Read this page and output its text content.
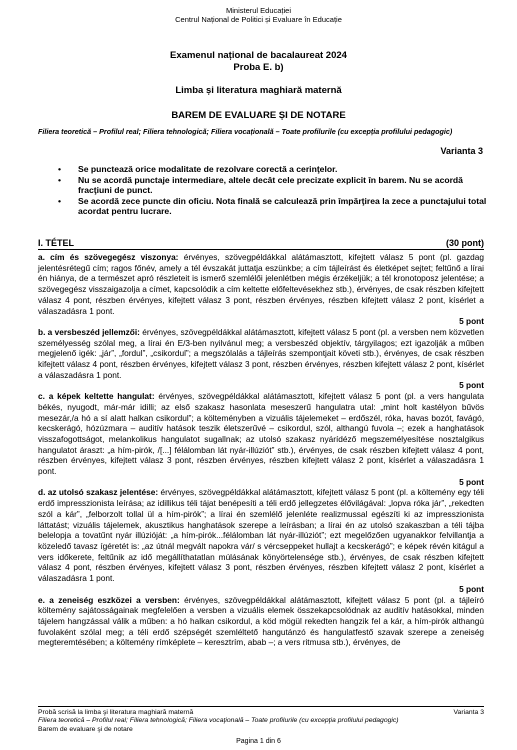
Ministerul Educației
Centrul Național de Politici și Evaluare în Educație
Examenul național de bacalaureat 2024
Proba E. b)
Limba și literatura maghiară maternă
BAREM DE EVALUARE ȘI DE NOTARE
Filiera teoretică – Profilul real; Filiera tehnologică; Filiera vocațională – Toate profilurile (cu excepția profilului pedagogic)
Varianta 3
• Se punctează orice modalitate de rezolvare corectă a cerinţelor.
• Nu se acordă punctaje intermediare, altele decât cele precizate explicit în barem. Nu se acordă fracţiuni de punct.
• Se acordă zece puncte din oficiu. Nota finală se calculează prin împărţirea la zece a punctajului total acordat pentru lucrare.
I. TÉTEL	(30 pont)

a. cím és szövegegész viszonya: érvényes, szövegpéldákkal alátámasztott, kifejtett válasz 5 pont (pl. gazdag jelentésrétegű cím; ragos főnév, amely a tél évszakát juttatja eszünkbe; a cím tájleírást és életképet sejtet; feltűnő a lírai én hiánya, de a természet apró részleteit is ismerő szemlélői jelenlétben mégis érzékeljük; a tél kronotoposz jelentése; a szövegegész visszaigazolja a címet, kapcsolódik a cím keltette előfeltevésekhez stb.), érvényes, de csak részben kifejtett válasz 4 pont, részben érvényes, kifejtett válasz 3 pont, részben érvényes, részben kifejtett válasz 2 pont, kísérlet a válaszadásra 1 pont.

5 pont

b. a versbeszéd jellemzői: érvényes, szövegpéldákkal alátámasztott, kifejtett válasz 5 pont (pl. a versben nem közvetlen személyesség szólal meg, a lírai én E/3-ben nyilvánul meg; a versbeszéd objektív, tárgyilagos; ezt igazolják a műben megjelenő igék: „jár”, „fordul”, „csikordul”; a megszólalás a tájleírás szempontjait követi stb.), érvényes, de csak részben kifejtett válasz 4 pont, részben érvényes, kifejtett válasz 3 pont, részben érvényes, részben kifejtett válasz 2 pont, kísérlet a válaszadásra 1 pont.

5 pont

c. a képek keltette hangulat: érvényes, szövegpéldákkal alátámasztott, kifejtett válasz 5 pont (pl. a vers hangulata békés, nyugodt, már-már idilli; az első szakasz hasonlata meseszerű hangulatra utal: „mint holt kastélyon bűvös mesezár,/a hó a sí alatt halkan csikordul”; a költeményben a vizuális tájelemeket – erdőszél, róka, havas bozót, favágó, kecskerágó, hózúzmara – auditív hatások teszik életszerűvé – csikordul, szól, althangú fuvola –; ezek a hanghatások visszafogottságot, melankolikus hangulatot sugallnak; az utolsó szakasz nyárídéző megszemélyesítése nosztalgikus hangulatot áraszt: „a hím-pirók, /[...] félálomban lát nyár-illúziót” stb.), érvényes, de csak részben kifejtett válasz 4 pont, részben érvényes, kifejtett válasz 3 pont, részben érvényes, részben kifejtett válasz 2 pont, kísérlet a válaszadásra 1 pont.

5 pont

d. az utolsó szakasz jelentése: érvényes, szövegpéldákkal alátámasztott, kifejtett válasz 5 pont (pl. a költemény egy téli erdő impresszionista leírása; az idillikus téli tájat benépesíti a téli erdő jellegzetes élővilágával: „lopva róka jár”, „rekedten szól a kár”, „felborzolt tollal ül a hím-pirók”; a lírai én szemlélő jelenléte realizmussal egészíti ki az impresszionista láttatást; vizuális tájelemek, akusztikus hanghatások szerepe a leírásban; a lírai én az utolsó szakaszban a téli tájba belelopja a tovatűnt nyár illúzióját: „a hím-pirók...félálomban lát nyár-illúziót”; ezt megelőzően ugyanakkor felvillantja a közeledő tavasz ígéretét is: „az útnál megvált napokra vár/ s vércseppeket hullajt a kecskerágó”; e képek révén kitágul a vers időkerete, feltűnik az idő megállíthatatlan múlásának könyörtelensége stb.), érvényes, de csak részben kifejtett válasz 4 pont, részben érvényes, kifejtett válasz 3 pont, részben érvényes, részben kifejtett válasz 2 pont, kísérlet a válaszadásra 1 pont.

5 pont

e. a zeneiség eszközei a versben: érvényes, szövegpéldákkal alátámasztott, kifejtett válasz 5 pont (pl. a tájleíró költemény sajátosságainak megfelelően a versben a vizuális elemek összekapcsolódnak az auditív hatásokkal, minden tájelem hangzással válik a műben: a hó halkan csikordul, a köd mögül rekedten hangzik fel a kár, a hím-pirók althangú fuvolaként szólal meg; a téli erdő szépségét szemléltető hangutánzó és hangulatfestő szavak szerepe a zeneiség megteremtésében; a költemény rímképlete – keresztrím, abab –; a vers ritmusa stb.), érvényes, de

Varianta 3
Probă scrisă la limba şi literatura maghiară maternă
Filiera teoretică – Profilul real; Filiera tehnologică; Filiera vocaţională – Toate profilurile (cu excepţia profilului pedagogic)
Barem de evaluare şi de notare
Pagina 1 din 6
